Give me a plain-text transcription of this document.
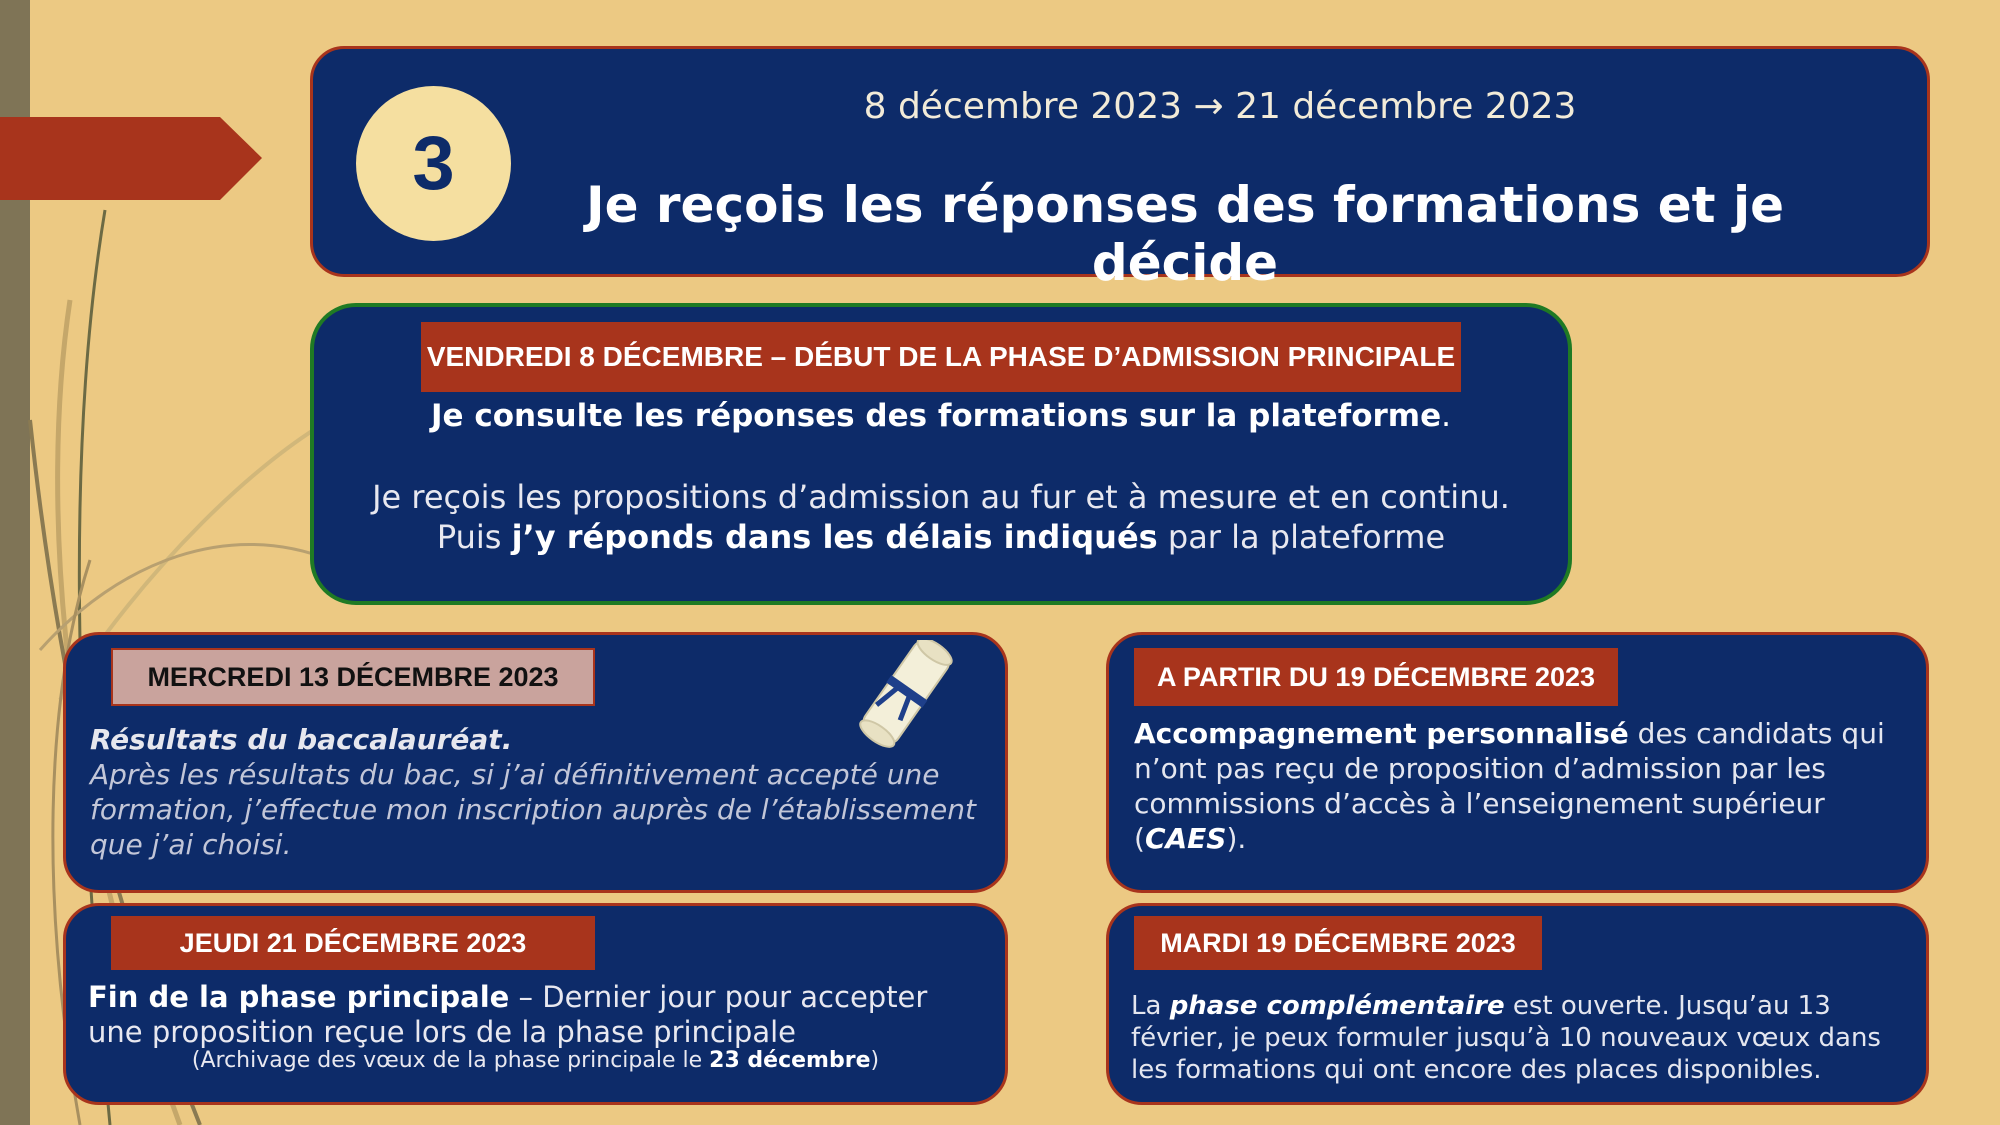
3
8 décembre 2023 → 21 décembre 2023
Je reçois les réponses des formations et je décide
VENDREDI 8 DÉCEMBRE – DÉBUT DE LA PHASE D’ADMISSION PRINCIPALE
Je consulte les réponses des formations sur la plateforme.
Je reçois les propositions d’admission au fur et à mesure et en continu.
Puis j’y réponds dans les délais indiqués par la plateforme
MERCREDI 13 DÉCEMBRE 2023
Résultats du baccalauréat.
Après les résultats du bac, si j’ai définitivement accepté une formation, j’effectue mon inscription auprès de l’établissement que j’ai choisi.
A PARTIR DU 19 DÉCEMBRE 2023
Accompagnement personnalisé des candidats qui n’ont pas reçu de proposition d’admission par les commissions d’accès à l’enseignement supérieur (CAES).
JEUDI 21 DÉCEMBRE 2023
Fin de la phase principale – Dernier jour pour accepter une proposition reçue lors de la phase principale
(Archivage des vœux de la phase principale le 23 décembre)
MARDI 19 DÉCEMBRE 2023
La phase complémentaire est ouverte. Jusqu’au 13 février, je peux formuler jusqu’à 10 nouveaux vœux dans les formations qui ont encore des places disponibles.
